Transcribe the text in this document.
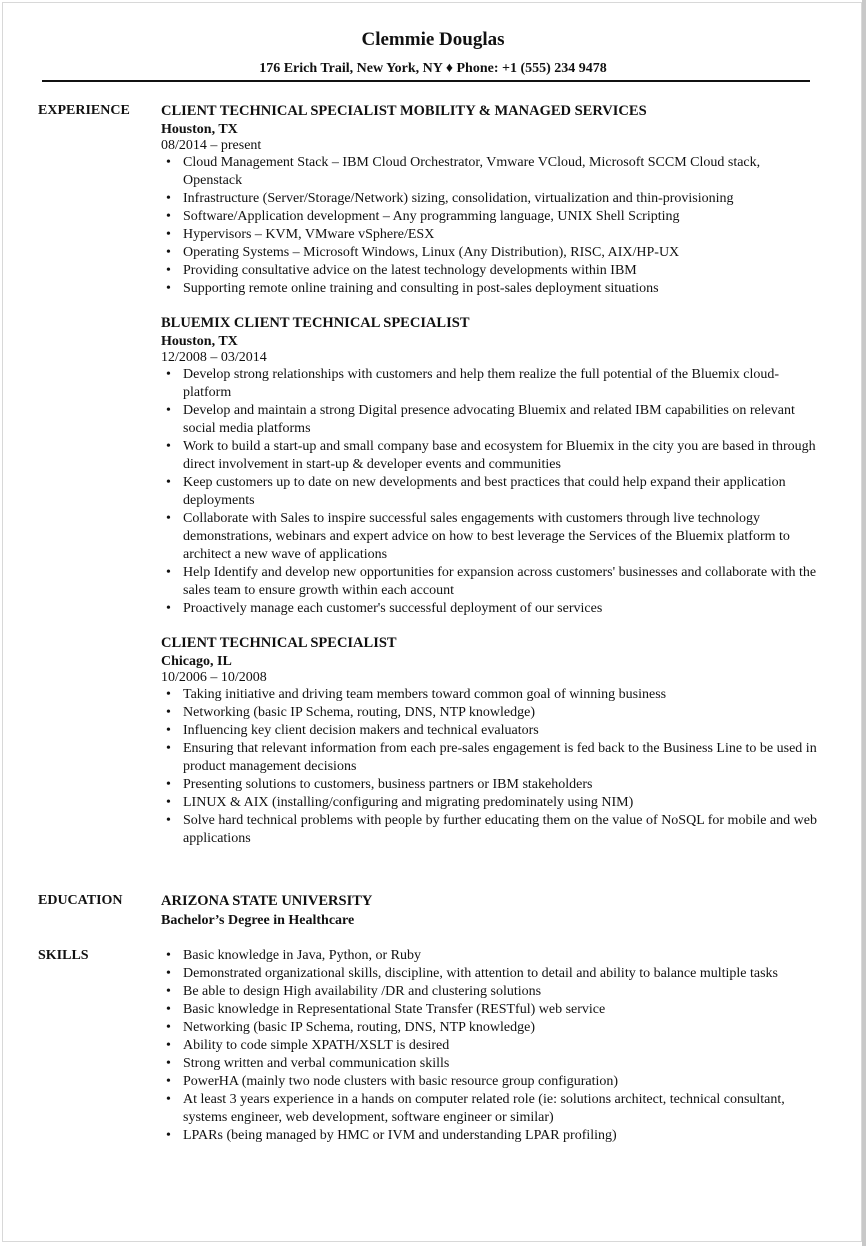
Clemmie Douglas
176 Erich Trail, New York, NY ♦ Phone: +1 (555) 234 9478
EXPERIENCE CLIENT TECHNICAL SPECIALIST MOBILITY & MANAGED SERVICES
Houston, TX
08/2014 – present
• Cloud Management Stack – IBM Cloud Orchestrator, Vmware VCloud, Microsoft SCCM Cloud stack, Openstack
• Infrastructure (Server/Storage/Network) sizing, consolidation, virtualization and thin-provisioning
• Software/Application development – Any programming language, UNIX Shell Scripting
• Hypervisors – KVM, VMware vSphere/ESX
• Operating Systems – Microsoft Windows, Linux (Any Distribution), RISC, AIX/HP-UX
• Providing consultative advice on the latest technology developments within IBM
• Supporting remote online training and consulting in post-sales deployment situations
BLUEMIX CLIENT TECHNICAL SPECIALIST
Houston, TX
12/2008 – 03/2014
• Develop strong relationships with customers and help them realize the full potential of the Bluemix cloud-platform
• Develop and maintain a strong Digital presence advocating Bluemix and related IBM capabilities on relevant social media platforms
• Work to build a start-up and small company base and ecosystem for Bluemix in the city you are based in through direct involvement in start-up & developer events and communities
• Keep customers up to date on new developments and best practices that could help expand their application deployments
• Collaborate with Sales to inspire successful sales engagements with customers through live technology demonstrations, webinars and expert advice on how to best leverage the Services of the Bluemix platform to architect a new wave of applications
• Help Identify and develop new opportunities for expansion across customers' businesses and collaborate with the sales team to ensure growth within each account
• Proactively manage each customer's successful deployment of our services
CLIENT TECHNICAL SPECIALIST
Chicago, IL
10/2006 – 10/2008
• Taking initiative and driving team members toward common goal of winning business
• Networking (basic IP Schema, routing, DNS, NTP knowledge)
• Influencing key client decision makers and technical evaluators
• Ensuring that relevant information from each pre-sales engagement is fed back to the Business Line to be used in product management decisions
• Presenting solutions to customers, business partners or IBM stakeholders
• LINUX & AIX (installing/configuring and migrating predominately using NIM)
• Solve hard technical problems with people by further educating them on the value of NoSQL for mobile and web applications
EDUCATION	ARIZONA STATE UNIVERSITY
Bachelor’s Degree in Healthcare
SKILLS
•	Basic knowledge in Java, Python, or Ruby
• Demonstrated organizational skills, discipline, with attention to detail and ability to balance multiple tasks
• Be able to design High availability /DR and clustering solutions
• Basic knowledge in Representational State Transfer (RESTful) web service
• Networking (basic IP Schema, routing, DNS, NTP knowledge)
• Ability to code simple XPATH/XSLT is desired
• Strong written and verbal communication skills
• PowerHA (mainly two node clusters with basic resource group configuration)
• At least 3 years experience in a hands on computer related role (ie: solutions architect, technical consultant, systems engineer, web development, software engineer or similar)
• LPARs (being managed by HMC or IVM and understanding LPAR profiling)
